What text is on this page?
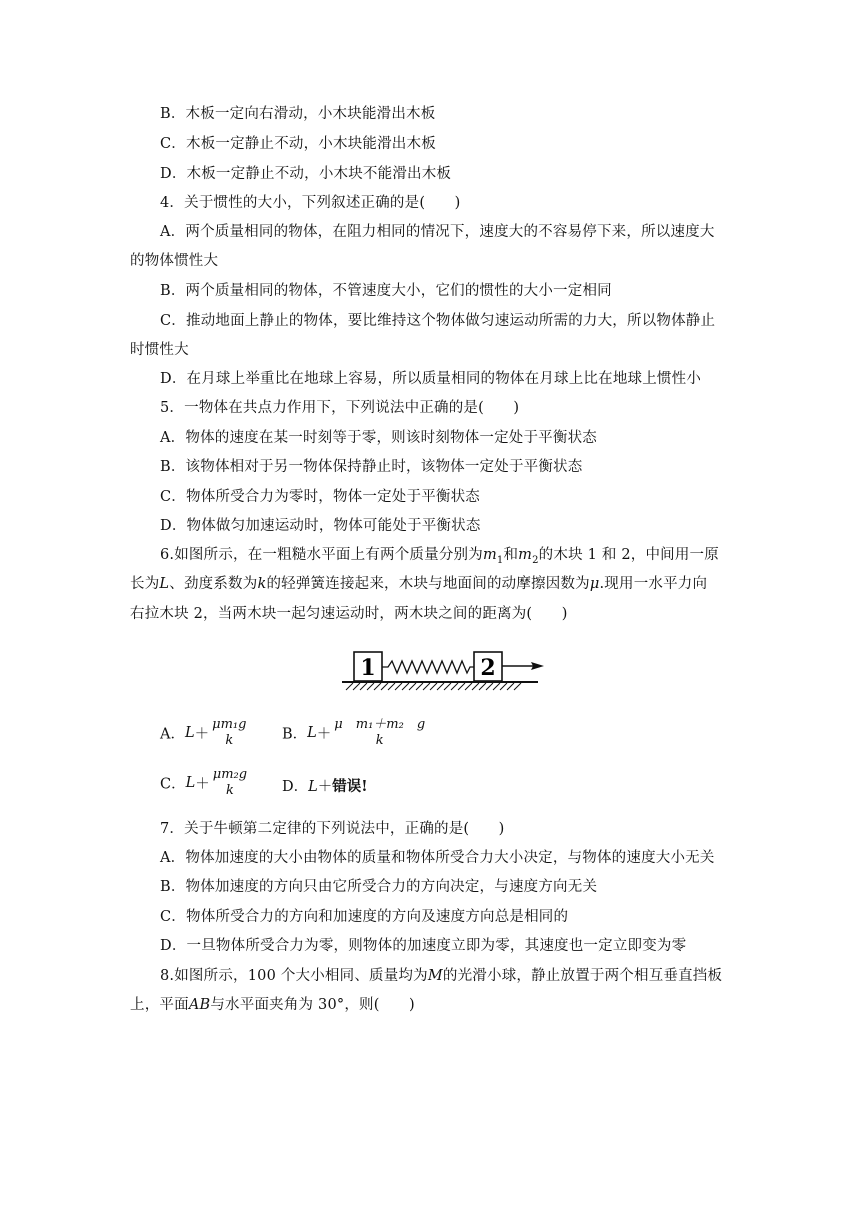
B．木板一定向右滑动，小木块能滑出木板
C．木板一定静止不动，小木块能滑出木板
D．木板一定静止不动，小木块不能滑出木板
4．关于惯性的大小，下列叙述正确的是(　　)
A．两个质量相同的物体，在阻力相同的情况下，速度大的不容易停下来，所以速度大
的物体惯性大
B．两个质量相同的物体，不管速度大小，它们的惯性的大小一定相同
C．推动地面上静止的物体，要比维持这个物体做匀速运动所需的力大，所以物体静止
时惯性大
D．在月球上举重比在地球上容易，所以质量相同的物体在月球上比在地球上惯性小
5．一物体在共点力作用下，下列说法中正确的是(　　)
A．物体的速度在某一时刻等于零，则该时刻物体一定处于平衡状态
B．该物体相对于另一物体保持静止时，该物体一定处于平衡状态
C．物体所受合力为零时，物体一定处于平衡状态
D．物体做匀加速运动时，物体可能处于平衡状态
6.如图所示，在一粗糙水平面上有两个质量分别为$m_1$和$m_2$的木块 1 和 2，中间用一原
长为L、劲度系数为k的轻弹簧连接起来，木块与地面间的动摩擦因数为μ.现用一水平力向
右拉木块 2，当两木块一起匀速运动时，两木块之间的距离为(　　)
1	2
A．L＋
μm₁g
k	B．L＋
μ　m₁＋m₂　g
k
C．L＋
μm₂g
k	D．L＋错误!
7．关于牛顿第二定律的下列说法中，正确的是(　　)
A．物体加速度的大小由物体的质量和物体所受合力大小决定，与物体的速度大小无关
B．物体加速度的方向只由它所受合力的方向决定，与速度方向无关
C．物体所受合力的方向和加速度的方向及速度方向总是相同的
D．一旦物体所受合力为零，则物体的加速度立即为零，其速度也一定立即变为零
8.如图所示，100 个大小相同、质量均为M的光滑小球，静止放置于两个相互垂直挡板
上，平面AB与水平面夹角为 30°，则(　　)
